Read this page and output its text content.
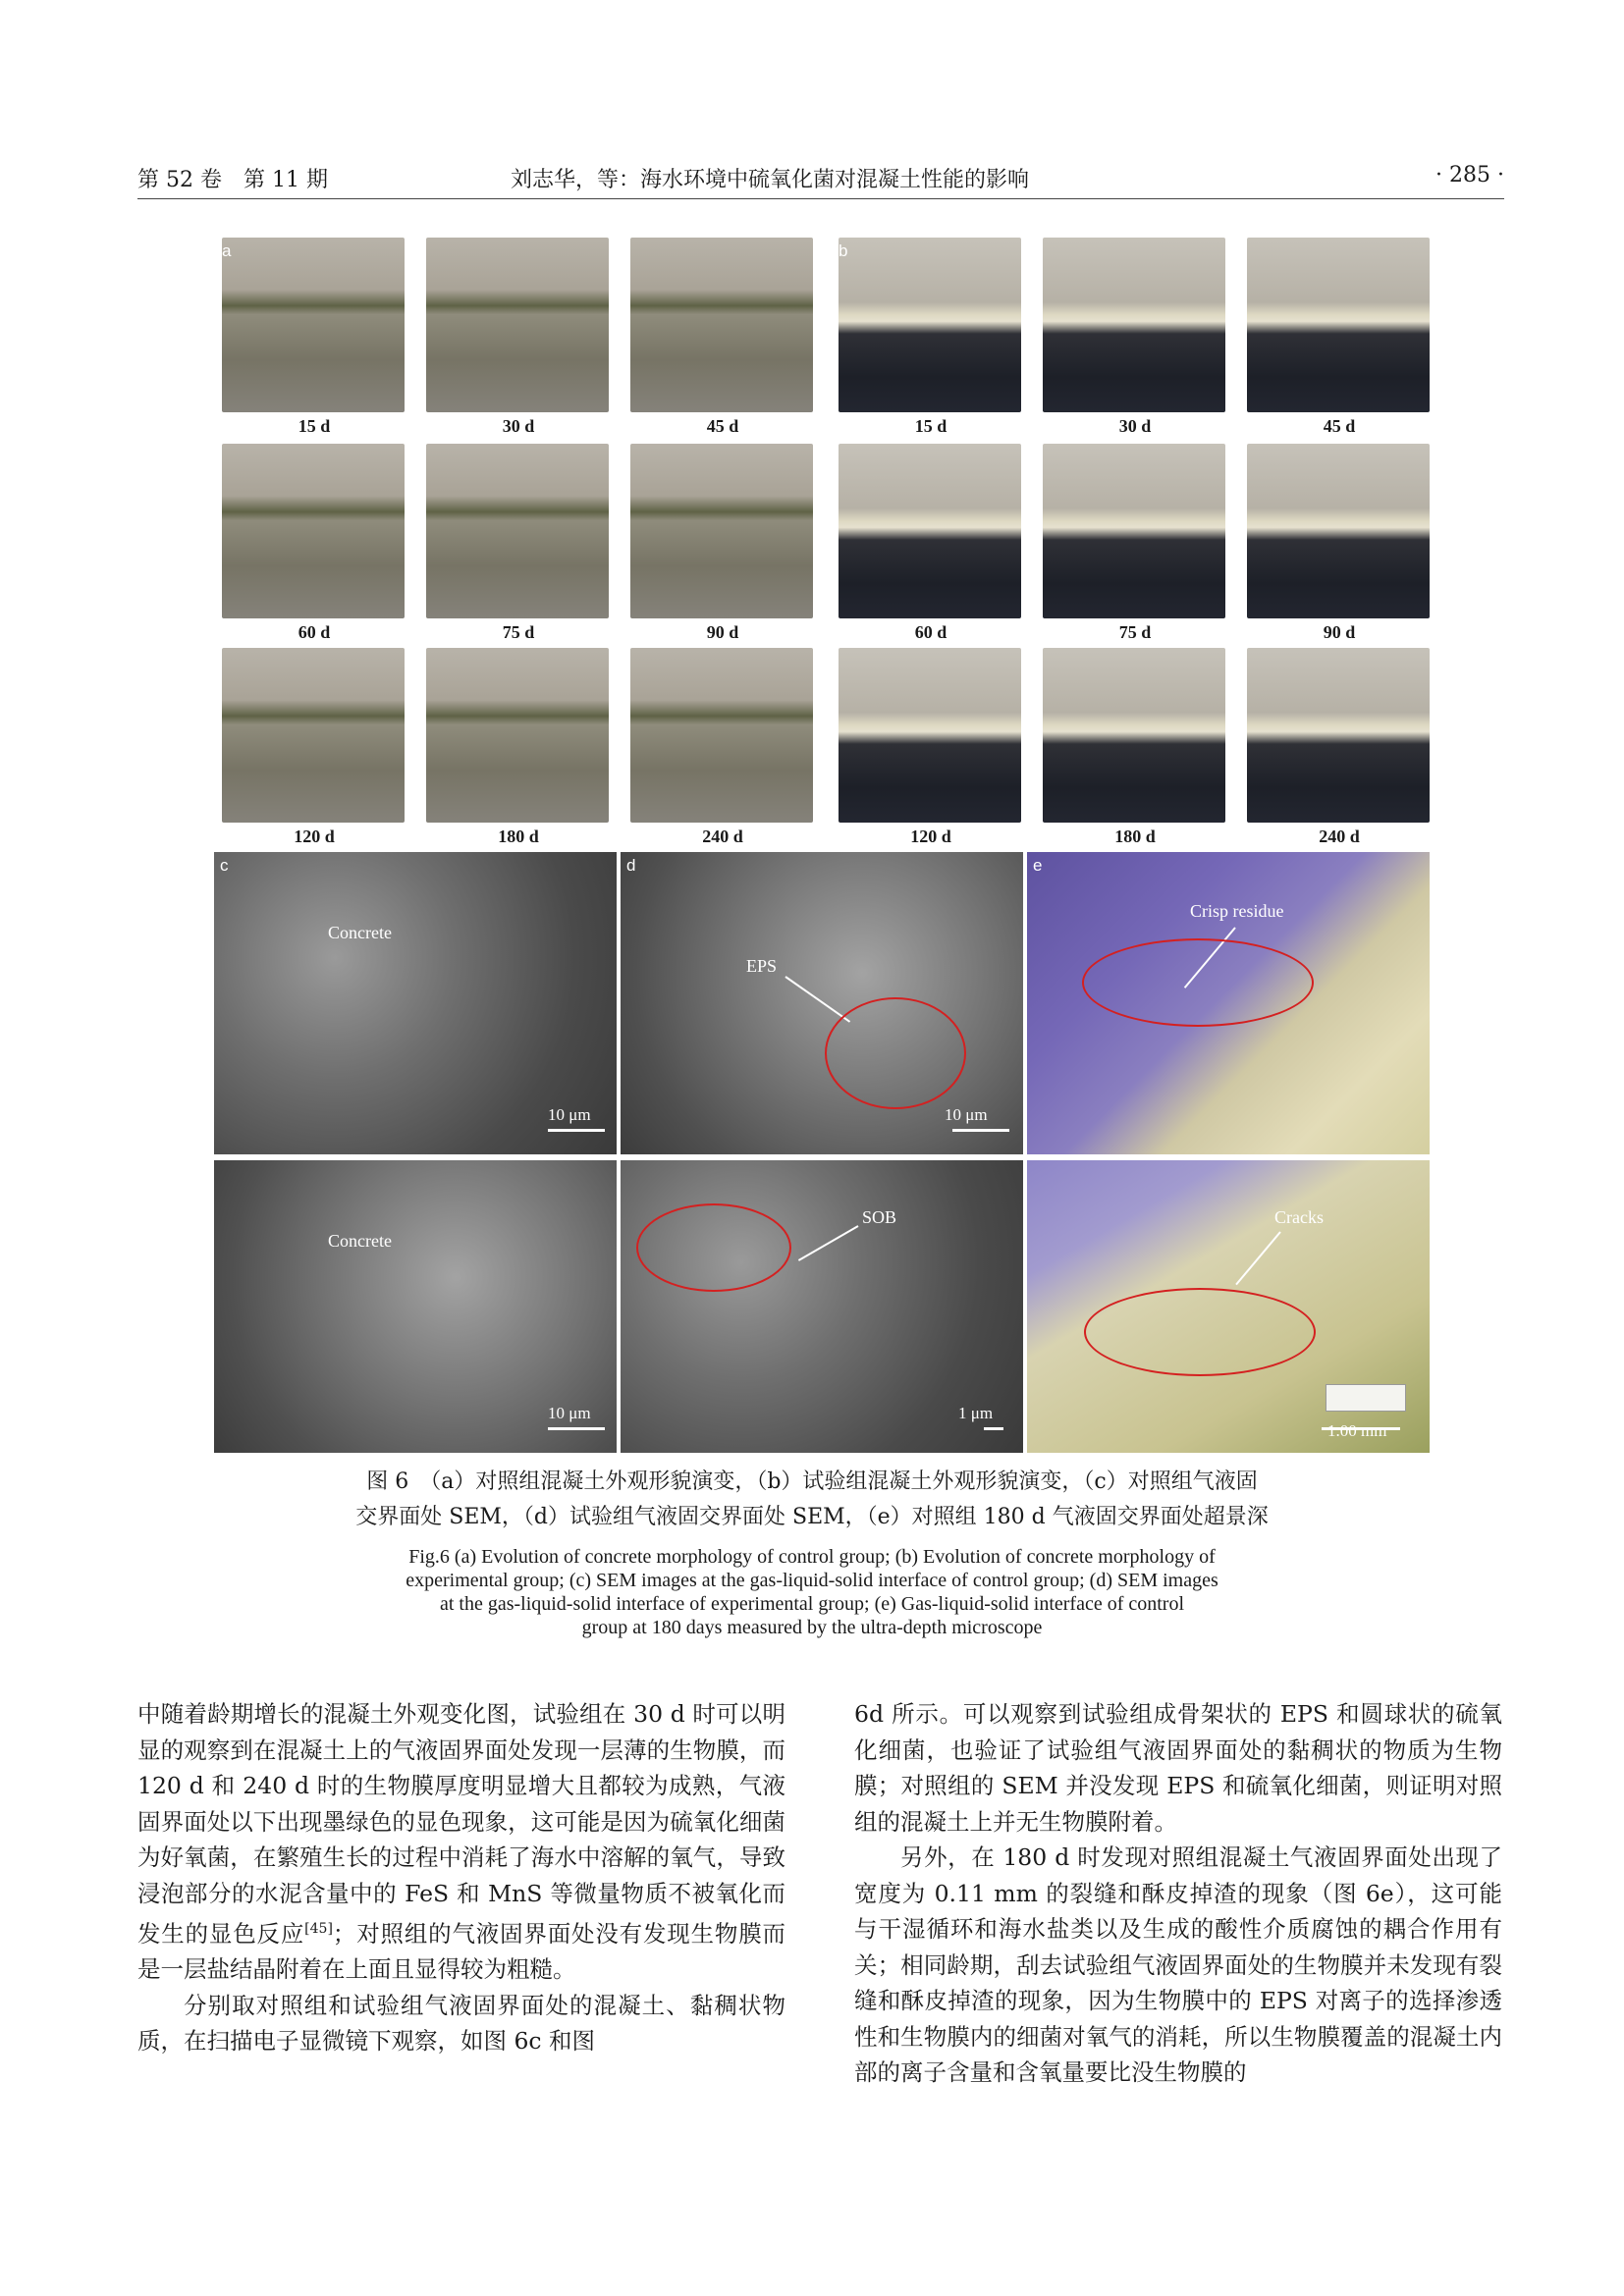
第 52 卷　第 11 期	刘志华，等：海水环境中硫氧化菌对混凝土性能的影响	· 285 ·
a	b
15 d	30 d	45 d	15 d	30 d	45 d
60 d	75 d	90 d	60 d	75 d	90 d
120 d	180 d	240 d	120 d	180 d	240 d
c
Concrete
10 μm
d
EPS
10 μm
e
Crisp residue
Concrete
10 μm
SOB
1 μm
Cracks
1.00 mm
图 6　（a）对照组混凝土外观形貌演变，（b）试验组混凝土外观形貌演变，（c）对照组气液固
交界面处 SEM，（d）试验组气液固交界面处 SEM，（e）对照组 180 d 气液固交界面处超景深
Fig.6 (a) Evolution of concrete morphology of control group; (b) Evolution of concrete morphology of
experimental group; (c) SEM images at the gas-liquid-solid interface of control group; (d) SEM images
at the gas-liquid-solid interface of experimental group; (e) Gas-liquid-solid interface of control
group at 180 days measured by the ultra-depth microscope

中随着龄期增长的混凝土外观变化图，试验组在 30 d 时可以明显的观察到在混凝土上的气液固界面处发现一层薄的生物膜，而 120 d 和 240 d 时的生物膜厚度明显增大且都较为成熟，气液固界面处以下出现墨绿色的显色现象，这可能是因为硫氧化细菌为好氧菌，在繁殖生长的过程中消耗了海水中溶解的氧气，导致浸泡部分的水泥含量中的 FeS 和 MnS 等微量物质不被氧化而发生的显色反应[45]；对照组的气液固界面处没有发现生物膜而是一层盐结晶附着在上面且显得较为粗糙。

分别取对照组和试验组气液固界面处的混凝土、黏稠状物质，在扫描电子显微镜下观察，如图 6c 和图

6d 所示。可以观察到试验组成骨架状的 EPS 和圆球状的硫氧化细菌，也验证了试验组气液固界面处的黏稠状的物质为生物膜；对照组的 SEM 并没发现 EPS 和硫氧化细菌，则证明对照组的混凝土上并无生物膜附着。

另外，在 180 d 时发现对照组混凝土气液固界面处出现了宽度为 0.11 mm 的裂缝和酥皮掉渣的现象（图 6e），这可能与干湿循环和海水盐类以及生成的酸性介质腐蚀的耦合作用有关；相同龄期，刮去试验组气液固界面处的生物膜并未发现有裂缝和酥皮掉渣的现象，因为生物膜中的 EPS 对离子的选择渗透性和生物膜内的细菌对氧气的消耗，所以生物膜覆盖的混凝土内部的离子含量和含氧量要比没生物膜的
